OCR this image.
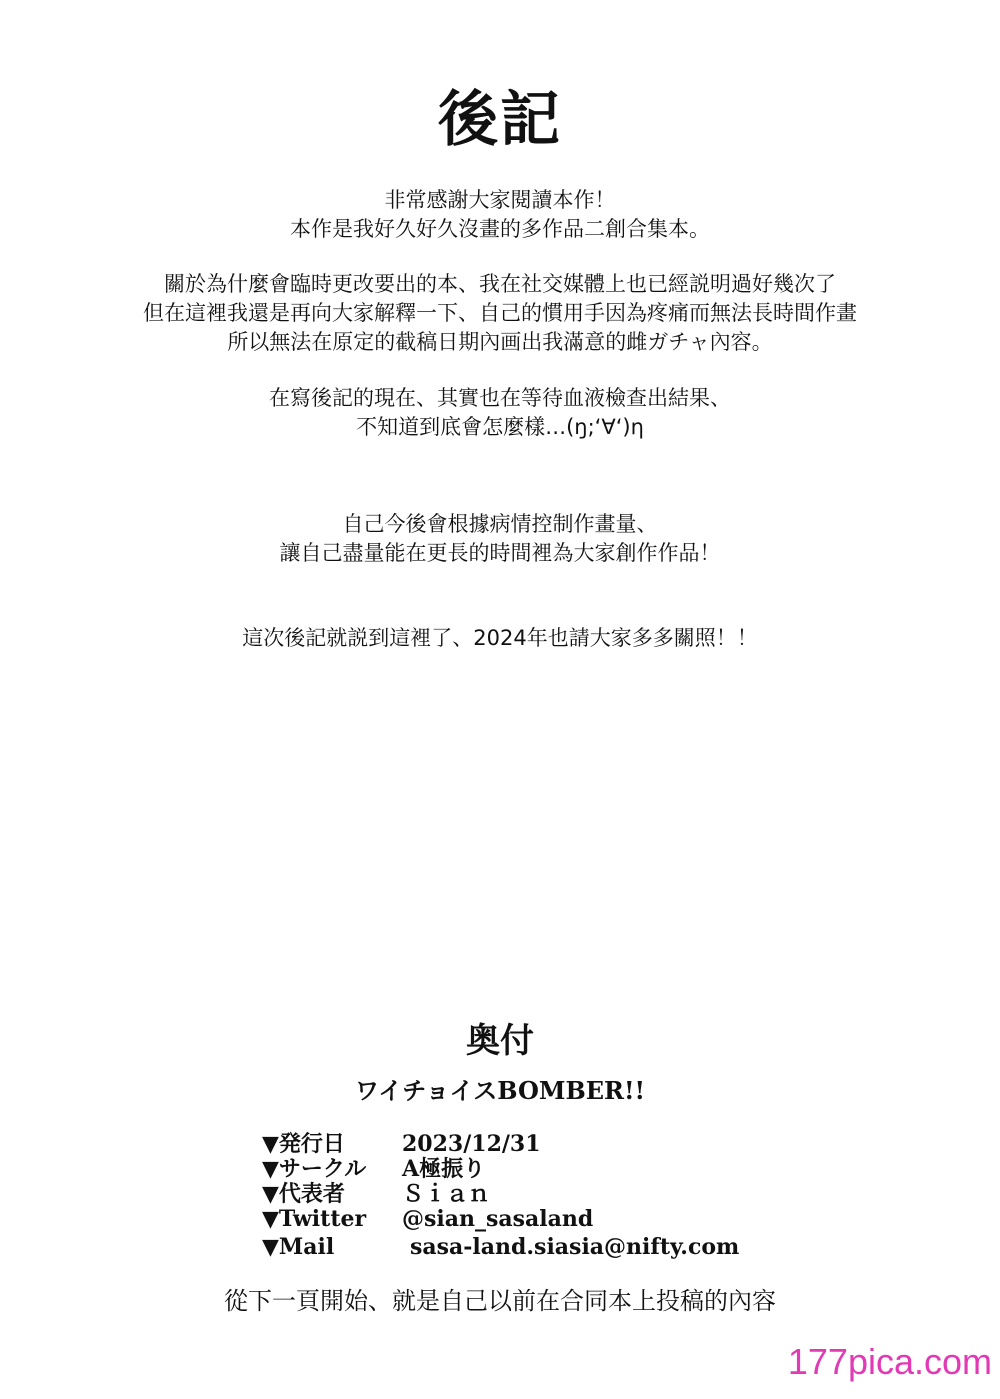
後記
非常感謝大家閱讀本作！
本作是我好久好久沒畫的多作品二創合集本。
關於為什麼會臨時更改要出的本、我在社交媒體上也已經説明過好幾次了
但在這裡我還是再向大家解釋一下、自己的慣用手因為疼痛而無法長時間作畫
所以無法在原定的截稿日期內画出我滿意的雌ガチャ內容。
在寫後記的現在、其實也在等待血液檢查出結果、
不知道到底會怎麼樣…(ŋ;‘∀‘)η
自己今後會根據病情控制作畫量、
讓自己盡量能在更長的時間裡為大家創作作品！
這次後記就説到這裡了、2024年也請大家多多關照！！
奥付
ワイチョイスBOMBER!!
▼発行日	2023/12/31
▼サークル	A極振り
▼代表者	Ｓｉａｎ
▼Twitter	@sian_sasaland
▼Mail	sasa-land.siasia@nifty.com
從下一頁開始、就是自己以前在合同本上投稿的內容
177pica.com
